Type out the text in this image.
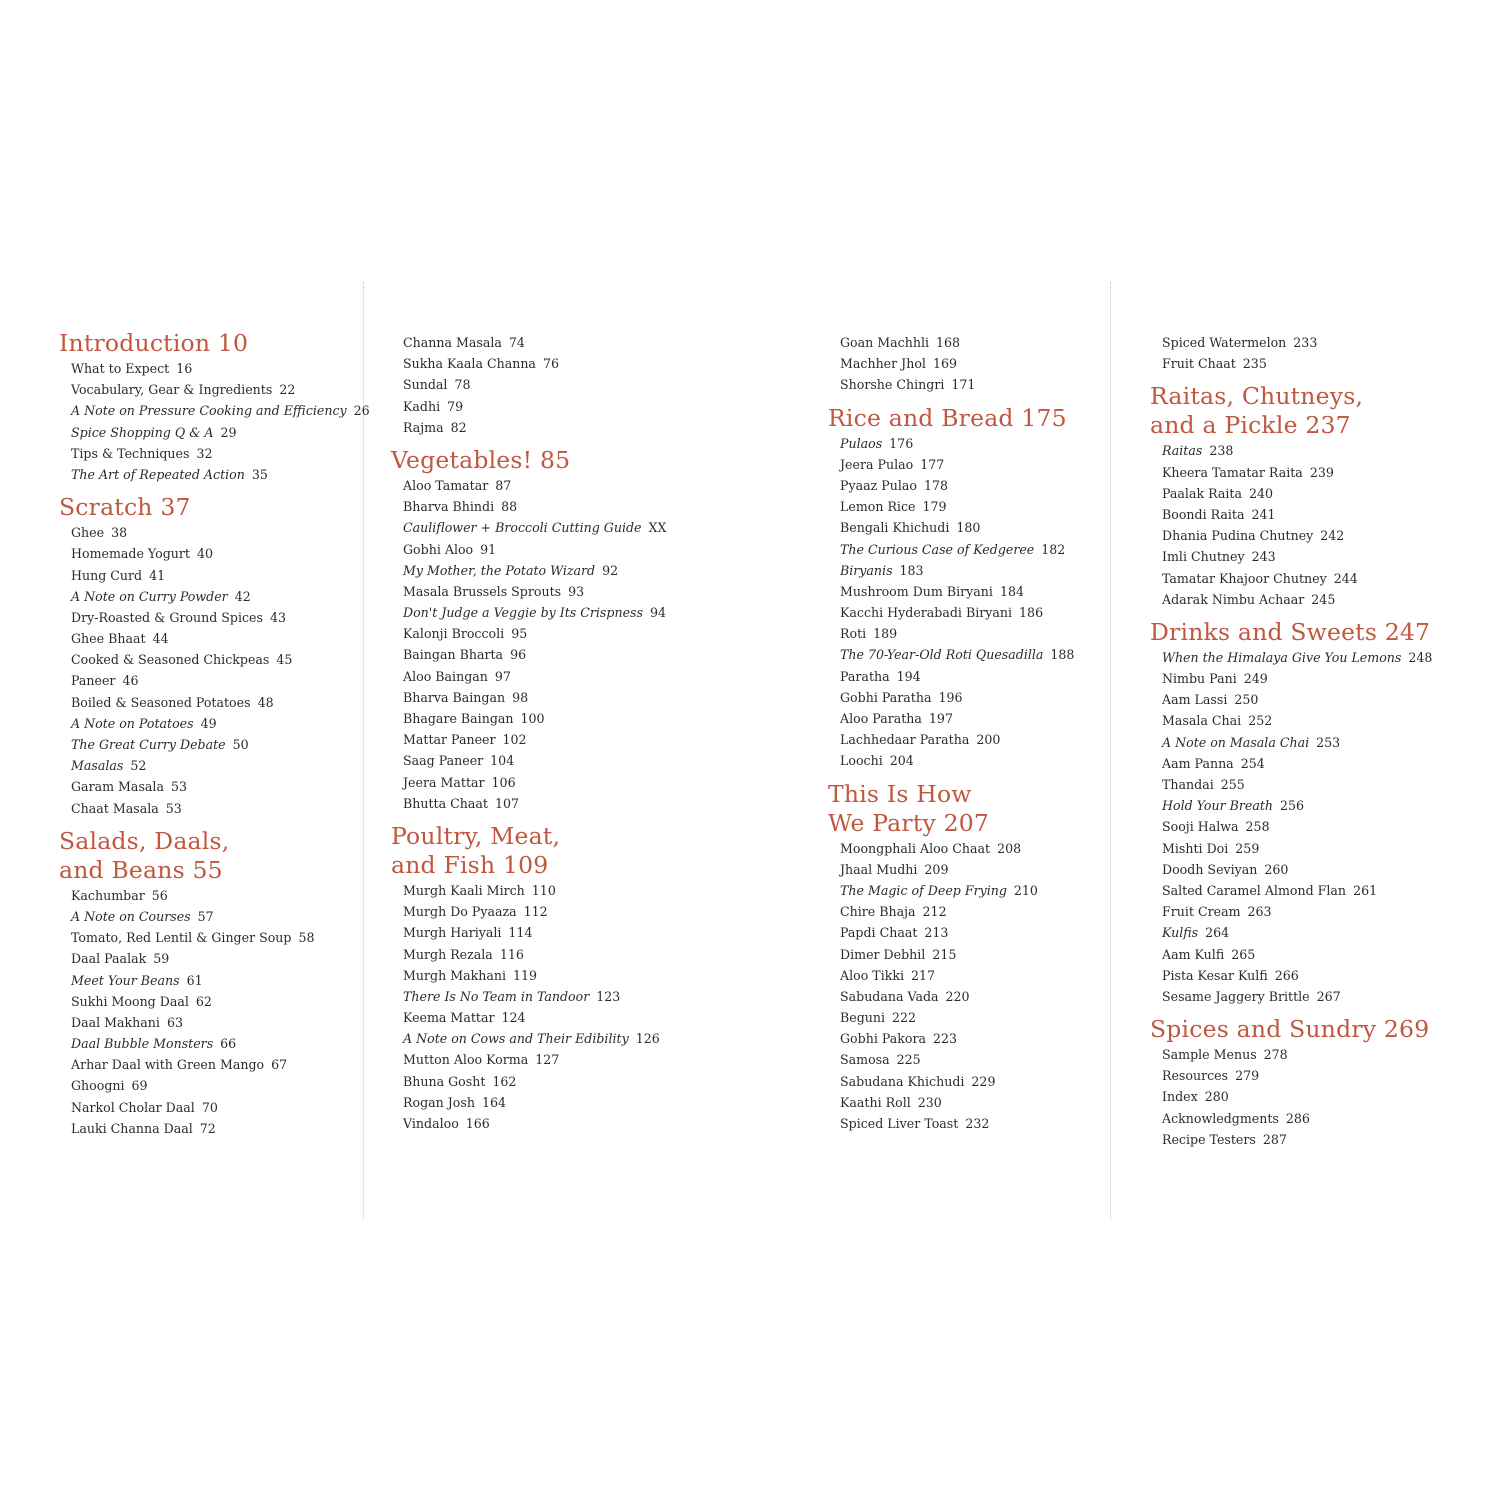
Introduction 10
What to Expect 16
Vocabulary, Gear & Ingredients 22
A Note on Pressure Cooking and Efficiency 26
Spice Shopping Q & A 29
Tips & Techniques 32
The Art of Repeated Action 35
Scratch 37
Ghee 38
Homemade Yogurt 40
Hung Curd 41
A Note on Curry Powder 42
Dry-Roasted & Ground Spices 43
Ghee Bhaat 44
Cooked & Seasoned Chickpeas 45
Paneer 46
Boiled & Seasoned Potatoes 48
A Note on Potatoes 49
The Great Curry Debate 50
Masalas 52
Garam Masala 53
Chaat Masala 53
Salads, Daals,
and Beans 55
Kachumbar 56
A Note on Courses 57
Tomato, Red Lentil & Ginger Soup 58
Daal Paalak 59
Meet Your Beans 61
Sukhi Moong Daal 62
Daal Makhani 63
Daal Bubble Monsters 66
Arhar Daal with Green Mango 67
Ghoogni 69
Narkol Cholar Daal 70
Lauki Channa Daal 72
Channa Masala 74
Sukha Kaala Channa 76
Sundal 78
Kadhi 79
Rajma 82
Vegetables! 85
Aloo Tamatar 87
Bharva Bhindi 88
Cauliflower + Broccoli Cutting Guide XX
Gobhi Aloo 91
My Mother, the Potato Wizard 92
Masala Brussels Sprouts 93
Don't Judge a Veggie by Its Crispness 94
Kalonji Broccoli 95
Baingan Bharta 96
Aloo Baingan 97
Bharva Baingan 98
Bhagare Baingan 100
Mattar Paneer 102
Saag Paneer 104
Jeera Mattar 106
Bhutta Chaat 107
Poultry, Meat,
and Fish 109
Murgh Kaali Mirch 110
Murgh Do Pyaaza 112
Murgh Hariyali 114
Murgh Rezala 116
Murgh Makhani 119
There Is No Team in Tandoor 123
Keema Mattar 124
A Note on Cows and Their Edibility 126
Mutton Aloo Korma 127
Bhuna Gosht 162
Rogan Josh 164
Vindaloo 166
Goan Machhli 168
Machher Jhol 169
Shorshe Chingri 171
Rice and Bread 175
Pulaos 176
Jeera Pulao 177
Pyaaz Pulao 178
Lemon Rice 179
Bengali Khichudi 180
The Curious Case of Kedgeree 182
Biryanis 183
Mushroom Dum Biryani 184
Kacchi Hyderabadi Biryani 186
Roti 189
The 70-Year-Old Roti Quesadilla 188
Paratha 194
Gobhi Paratha 196
Aloo Paratha 197
Lachhedaar Paratha 200
Loochi 204
This Is How
We Party 207
Moongphali Aloo Chaat 208
Jhaal Mudhi 209
The Magic of Deep Frying 210
Chire Bhaja 212
Papdi Chaat 213
Dimer Debhil 215
Aloo Tikki 217
Sabudana Vada 220
Beguni 222
Gobhi Pakora 223
Samosa 225
Sabudana Khichudi 229
Kaathi Roll 230
Spiced Liver Toast 232
Spiced Watermelon 233
Fruit Chaat 235
Raitas, Chutneys,
and a Pickle 237
Raitas 238
Kheera Tamatar Raita 239
Paalak Raita 240
Boondi Raita 241
Dhania Pudina Chutney 242
Imli Chutney 243
Tamatar Khajoor Chutney 244
Adarak Nimbu Achaar 245
Drinks and Sweets 247
When the Himalaya Give You Lemons 248
Nimbu Pani 249
Aam Lassi 250
Masala Chai 252
A Note on Masala Chai 253
Aam Panna 254
Thandai 255
Hold Your Breath 256
Sooji Halwa 258
Mishti Doi 259
Doodh Seviyan 260
Salted Caramel Almond Flan 261
Fruit Cream 263
Kulfis 264
Aam Kulfi 265
Pista Kesar Kulfi 266
Sesame Jaggery Brittle 267
Spices and Sundry 269
Sample Menus 278
Resources 279
Index 280
Acknowledgments 286
Recipe Testers 287
